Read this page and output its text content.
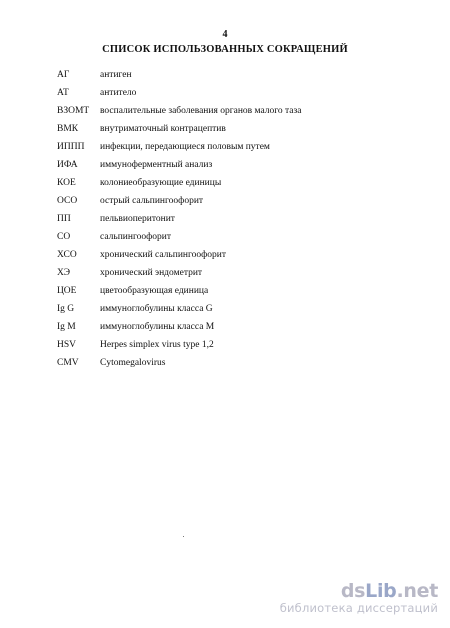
4
СПИСОК ИСПОЛЬЗОВАННЫХ СОКРАЩЕНИЙ
АГ	антиген
АТ	антитело
ВЗОМТ воспалительные заболевания органов малого таза
ВМК внутриматочный контрацептив
ИППП инфекции, передающиеся половым путем
ИФА иммуноферментный анализ
КОЕ	колониеобразующие единицы
ОСО острый сальпингоофорит
ПП	пельвиоперитонит
СО	сальпингоофорит
ХСО хронический сальпингоофорит
ХЭ	хронический эндометрит
ЦОЕ цветообразующая единица
Ig G	иммуноглобулины класса G
Ig M	иммуноглобулины класса М
HSV	Herpes simplex virus type 1,2
CMV Cytomegalovirus
dsLib.net
библиотека диссертаций
